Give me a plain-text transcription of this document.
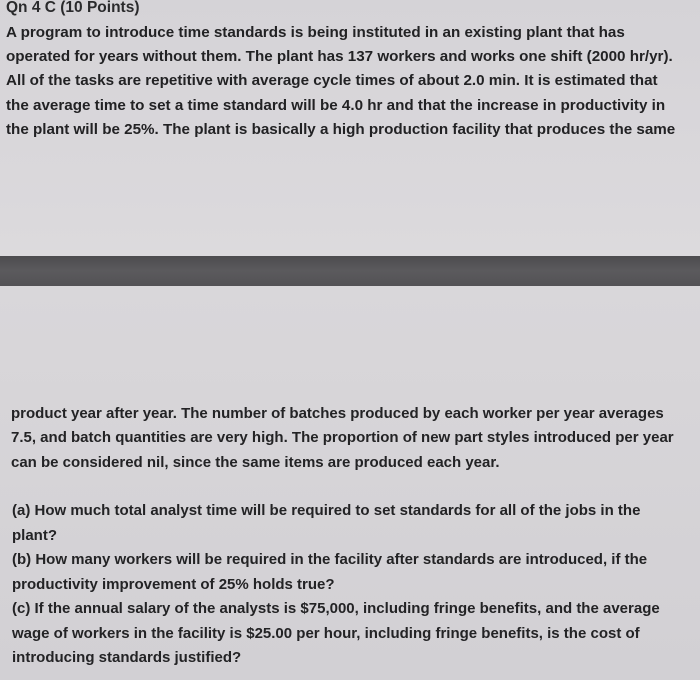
Qn 4 C (10 Points)

A program to introduce time standards is being instituted in an existing plant that has
operated for years without them. The plant has 137 workers and works one shift (2000 hr/yr).
All of the tasks are repetitive with average cycle times of about 2.0 min. It is estimated that
the average time to set a time standard will be 4.0 hr and that the increase in productivity in
the plant will be 25%. The plant is basically a high production facility that produces the same

product year after year. The number of batches produced by each worker per year averages
7.5, and batch quantities are very high. The proportion of new part styles introduced per year
can be considered nil, since the same items are produced each year.

(a) How much total analyst time will be required to set standards for all of the jobs in the
plant?
(b) How many workers will be required in the facility after standards are introduced, if the
productivity improvement of 25% holds true?
(c) If the annual salary of the analysts is $75,000, including fringe benefits, and the average
wage of workers in the facility is $25.00 per hour, including fringe benefits, is the cost of
introducing standards justified?
